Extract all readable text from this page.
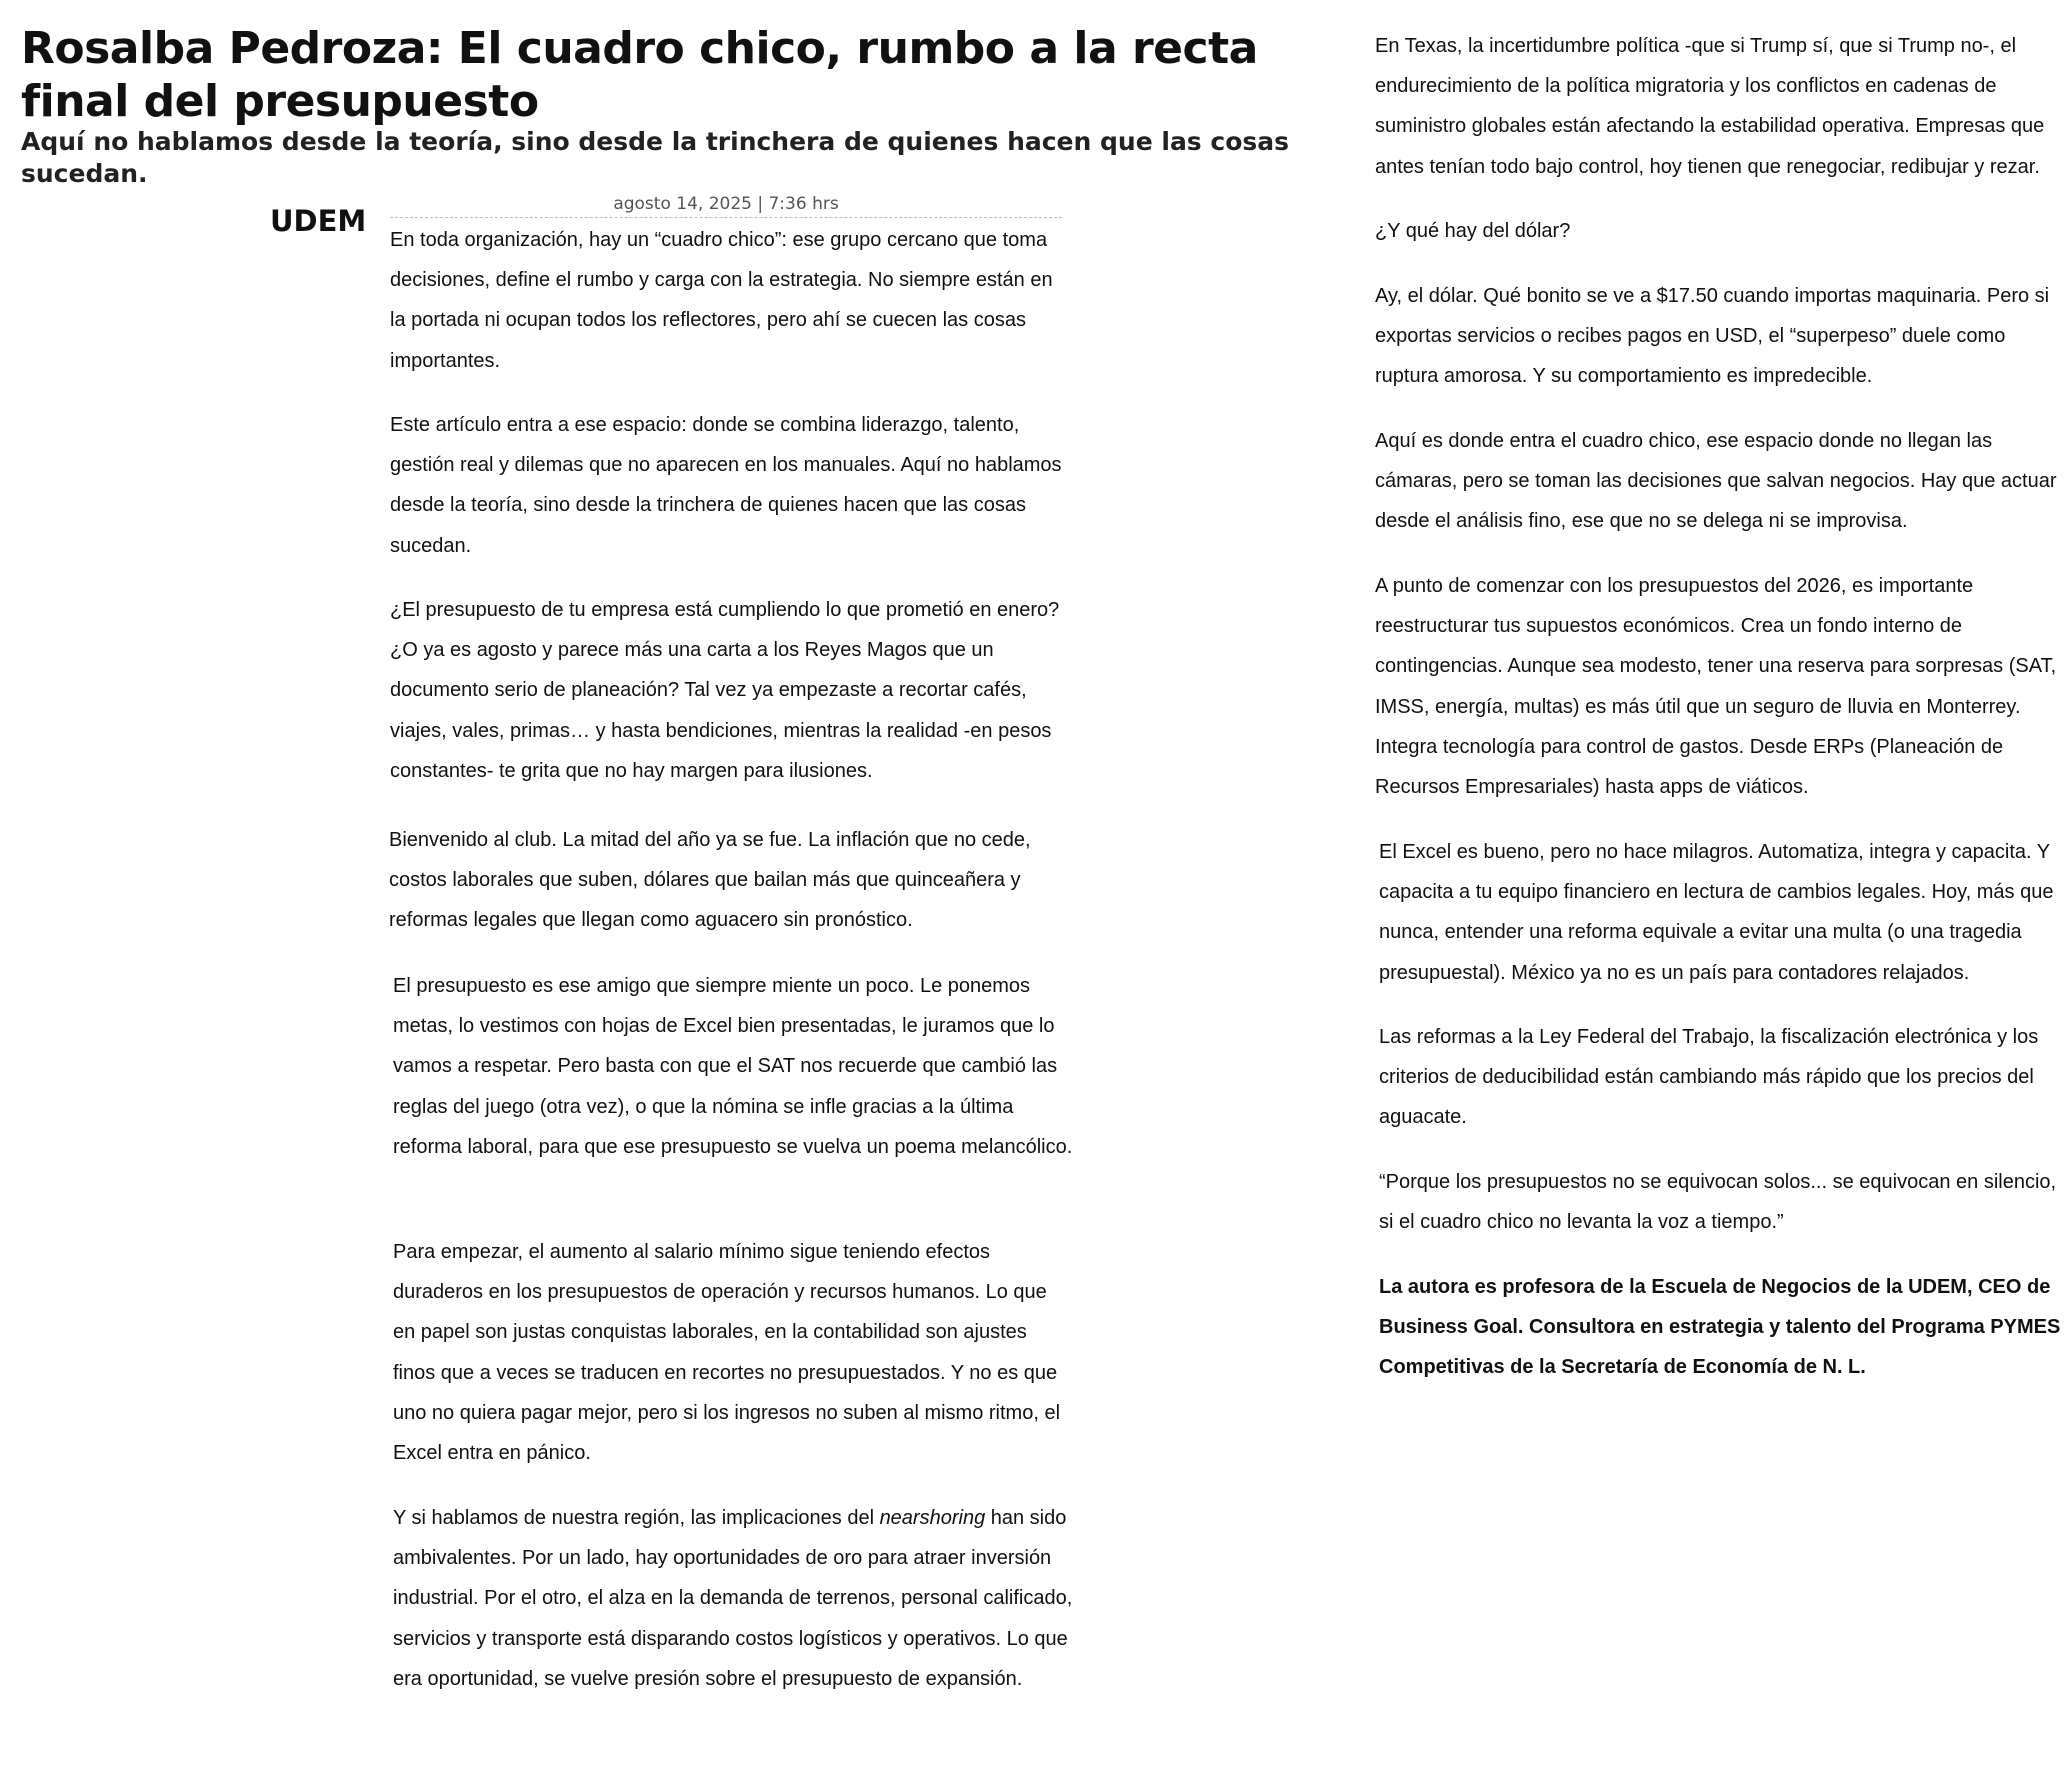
Rosalba Pedroza: El cuadro chico, rumbo a la recta final del presupuesto
Aquí no hablamos desde la teoría, sino desde la trinchera de quienes hacen que las cosas sucedan.
UDEM	agosto 14, 2025 | 7:36 hrs

En toda organización, hay un “cuadro chico”: ese grupo cercano que toma decisiones, define el rumbo y carga con la estrategia. No siempre están en la portada ni ocupan todos los reflectores, pero ahí se cuecen las cosas importantes.

Este artículo entra a ese espacio: donde se combina liderazgo, talento, gestión real y dilemas que no aparecen en los manuales. Aquí no hablamos desde la teoría, sino desde la trinchera de quienes hacen que las cosas sucedan.

¿El presupuesto de tu empresa está cumpliendo lo que prometió en enero? ¿O ya es agosto y parece más una carta a los Reyes Magos que un documento serio de planeación? Tal vez ya empezaste a recortar cafés, viajes, vales, primas… y hasta bendiciones, mientras la realidad -en pesos constantes- te grita que no hay margen para ilusiones.

Bienvenido al club. La mitad del año ya se fue. La inflación que no cede, costos laborales que suben, dólares que bailan más que quinceañera y reformas legales que llegan como aguacero sin pronóstico.

El presupuesto es ese amigo que siempre miente un poco. Le ponemos metas, lo vestimos con hojas de Excel bien presentadas, le juramos que lo vamos a respetar. Pero basta con que el SAT nos recuerde que cambió las reglas del juego (otra vez), o que la nómina se infle gracias a la última reforma laboral, para que ese presupuesto se vuelva un poema melancólico.

Para empezar, el aumento al salario mínimo sigue teniendo efectos duraderos en los presupuestos de operación y recursos humanos. Lo que en papel son justas conquistas laborales, en la contabilidad son ajustes finos que a veces se traducen en recortes no presupuestados. Y no es que uno no quiera pagar mejor, pero si los ingresos no suben al mismo ritmo, el Excel entra en pánico.

Y si hablamos de nuestra región, las implicaciones del nearshoring han sido ambivalentes. Por un lado, hay oportunidades de oro para atraer inversión industrial. Por el otro, el alza en la demanda de terrenos, personal calificado, servicios y transporte está disparando costos logísticos y operativos. Lo que era oportunidad, se vuelve presión sobre el presupuesto de expansión.

En Texas, la incertidumbre política -que si Trump sí, que si Trump no-, el endurecimiento de la política migratoria y los conflictos en cadenas de suministro globales están afectando la estabilidad operativa. Empresas que antes tenían todo bajo control, hoy tienen que renegociar, redibujar y rezar.

¿Y qué hay del dólar?

Ay, el dólar. Qué bonito se ve a $17.50 cuando importas maquinaria. Pero si exportas servicios o recibes pagos en USD, el “superpeso” duele como ruptura amorosa. Y su comportamiento es impredecible.

Aquí es donde entra el cuadro chico, ese espacio donde no llegan las cámaras, pero se toman las decisiones que salvan negocios. Hay que actuar desde el análisis fino, ese que no se delega ni se improvisa.

A punto de comenzar con los presupuestos del 2026, es importante reestructurar tus supuestos económicos. Crea un fondo interno de contingencias. Aunque sea modesto, tener una reserva para sorpresas (SAT, IMSS, energía, multas) es más útil que un seguro de lluvia en Monterrey. Integra tecnología para control de gastos. Desde ERPs (Planeación de Recursos Empresariales) hasta apps de viáticos.

El Excel es bueno, pero no hace milagros. Automatiza, integra y capacita. Y capacita a tu equipo financiero en lectura de cambios legales. Hoy, más que nunca, entender una reforma equivale a evitar una multa (o una tragedia presupuestal). México ya no es un país para contadores relajados.

Las reformas a la Ley Federal del Trabajo, la fiscalización electrónica y los criterios de deducibilidad están cambiando más rápido que los precios del aguacate.

“Porque los presupuestos no se equivocan solos... se equivocan en silencio, si el cuadro chico no levanta la voz a tiempo.”

La autora es profesora de la Escuela de Negocios de la UDEM, CEO de Business Goal. Consultora en estrategia y talento del Programa PYMES Competitivas de la Secretaría de Economía de N. L.
